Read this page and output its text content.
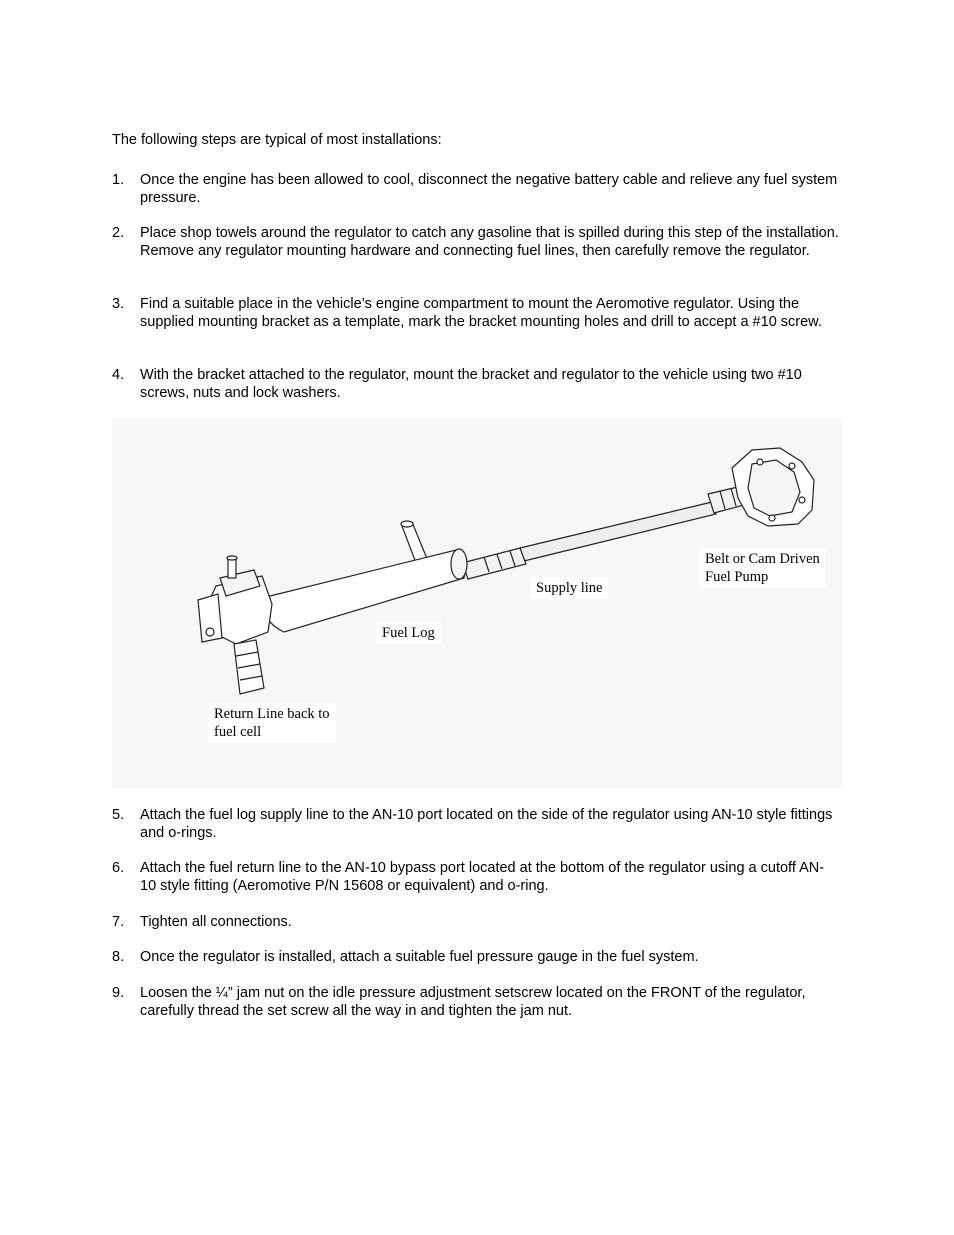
The following steps are typical of most installations:

1.	Once the engine has been allowed to cool, disconnect the negative battery cable and relieve any fuel system pressure.
2.	Place shop towels around the regulator to catch any gasoline that is spilled during this step of the installation. Remove any regulator mounting hardware and connecting fuel lines, then carefully remove the regulator.
3.	Find a suitable place in the vehicle’s engine compartment to mount the Aeromotive regulator. Using the supplied mounting bracket as a template, mark the bracket mounting holes and drill to accept a #10 screw.
4.	With the bracket attached to the regulator, mount the bracket and regulator to the vehicle using two #10 screws, nuts and lock washers.
Belt or Cam Driven
Fuel Pump
Supply line
Fuel Log
Return Line back to
fuel cell
5.	Attach the fuel log supply line to the AN-10 port located on the side of the regulator using AN-10 style fittings and o-rings.
6.	Attach the fuel return line to the AN-10 bypass port located at the bottom of the regulator using a cutoff AN-10 style fitting (Aeromotive P/N 15608 or equivalent) and o-ring.
7.	Tighten all connections.
8.	Once the regulator is installed, attach a suitable fuel pressure gauge in the fuel system.
9.	Loosen the ¼” jam nut on the idle pressure adjustment setscrew located on the FRONT of the regulator, carefully thread the set screw all the way in and tighten the jam nut.
